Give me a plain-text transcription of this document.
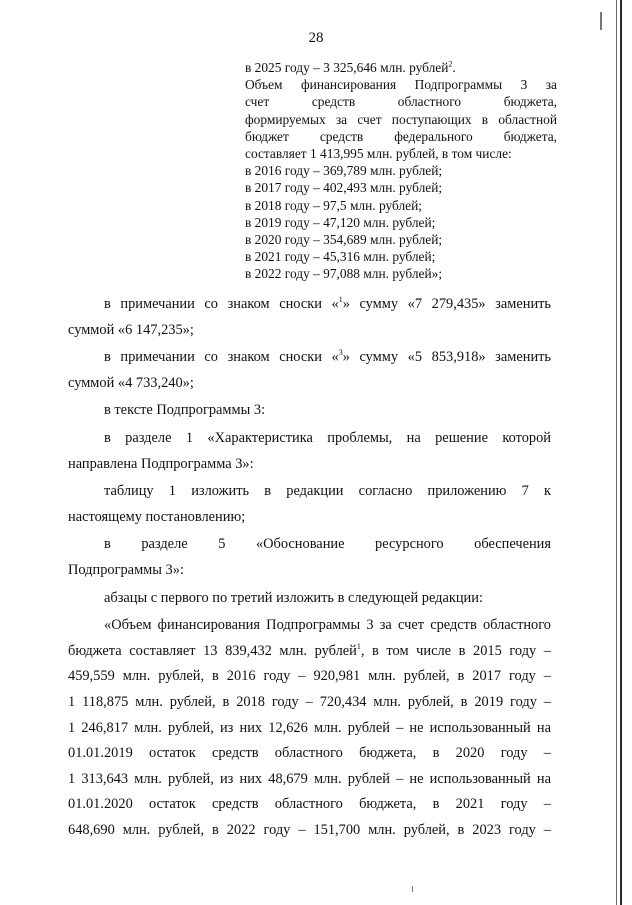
28
в 2025 году – 3 325,646 млн. рублей$^2$.
Объем финансирования Подпрограммы 3 за
счет средств областного бюджета,
формируемых за счет поступающих в областной
бюджет средств федерального бюджета,
составляет 1 413,995 млн. рублей, в том числе:
в 2016 году – 369,789 млн. рублей;
в 2017 году – 402,493 млн. рублей;
в 2018 году – 97,5 млн. рублей;
в 2019 году – 47,120 млн. рублей;
в 2020 году – 354,689 млн. рублей;
в 2021 году – 45,316 млн. рублей;
в 2022 году – 97,088 млн. рублей»;
в примечании со знаком сноски «$^1$» сумму «7 279,435» заменить
суммой «6 147,235»;
в примечании со знаком сноски «$^3$» сумму «5 853,918» заменить
суммой «4 733,240»;
в тексте Подпрограммы 3:
в разделе 1 «Характеристика проблемы, на решение которой
направлена Подпрограмма 3»:
таблицу 1 изложить в редакции согласно приложению 7 к
настоящему постановлению;
в разделе 5 «Обоснование ресурсного обеспечения
Подпрограммы 3»:
абзацы с первого по третий изложить в следующей редакции:
«Объем финансирования Подпрограммы 3 за счет средств областного
бюджета составляет 13 839,432 млн. рублей$^1$, в том числе в 2015 году –
459,559 млн. рублей, в 2016 году – 920,981 млн. рублей, в 2017 году –
1 118,875 млн. рублей, в 2018 году – 720,434 млн. рублей, в 2019 году –
1 246,817 млн. рублей, из них 12,626 млн. рублей – не использованный на
01.01.2019 остаток средств областного бюджета, в 2020 году –
1 313,643 млн. рублей, из них 48,679 млн. рублей – не использованный на
01.01.2020 остаток средств областного бюджета, в 2021 году –
648,690 млн. рублей, в 2022 году – 151,700 млн. рублей, в 2023 году –
